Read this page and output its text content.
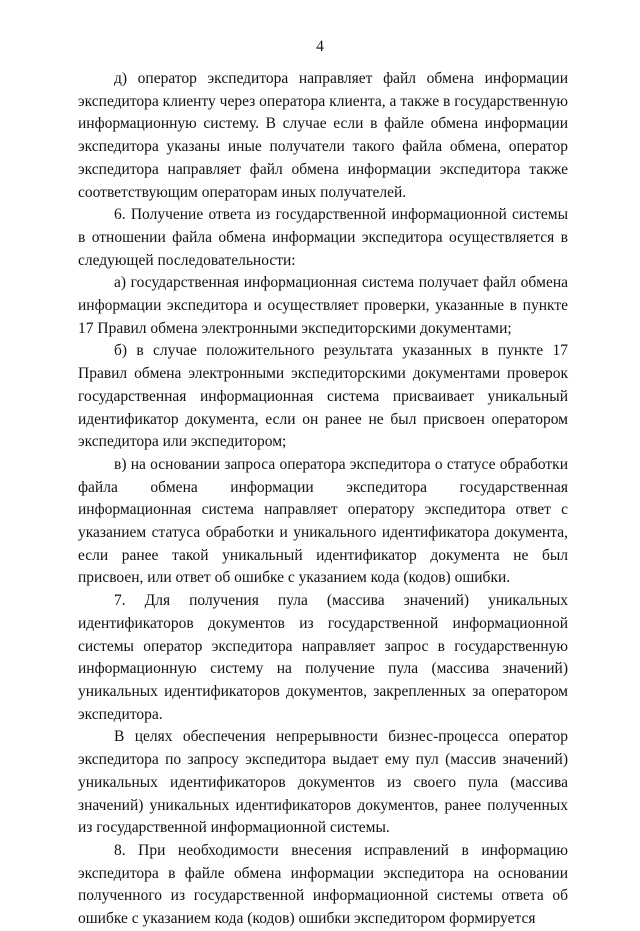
4

д) оператор экспедитора направляет файл обмена информации экспедитора клиенту через оператора клиента, а также в государственную информационную систему. В случае если в файле обмена информации экспедитора указаны иные получатели такого файла обмена, оператор экспедитора направляет файл обмена информации экспедитора также соответствующим операторам иных получателей.

6. Получение ответа из государственной информационной системы в отношении файла обмена информации экспедитора осуществляется в следующей последовательности:

а) государственная информационная система получает файл обмена информации экспедитора и осуществляет проверки, указанные в пункте 17 Правил обмена электронными экспедиторскими документами;

б) в случае положительного результата указанных в пункте 17 Правил обмена электронными экспедиторскими документами проверок государственная информационная система присваивает уникальный идентификатор документа, если он ранее не был присвоен оператором экспедитора или экспедитором;

в) на основании запроса оператора экспедитора о статусе обработки файла обмена информации экспедитора государственная информационная система направляет оператору экспедитора ответ с указанием статуса обработки и уникального идентификатора документа, если ранее такой уникальный идентификатор документа не был присвоен, или ответ об ошибке с указанием кода (кодов) ошибки.

7. Для получения пула (массива значений) уникальных идентификаторов документов из государственной информационной системы оператор экспедитора направляет запрос в государственную информационную систему на получение пула (массива значений) уникальных идентификаторов документов, закрепленных за оператором экспедитора.

В целях обеспечения непрерывности бизнес-процесса оператор экспедитора по запросу экспедитора выдает ему пул (массив значений) уникальных идентификаторов документов из своего пула (массива значений) уникальных идентификаторов документов, ранее полученных из государственной информационной системы.

8. При необходимости внесения исправлений в информацию экспедитора в файле обмена информации экспедитора на основании полученного из государственной информационной системы ответа об ошибке с указанием кода (кодов) ошибки экспедитором формируется
